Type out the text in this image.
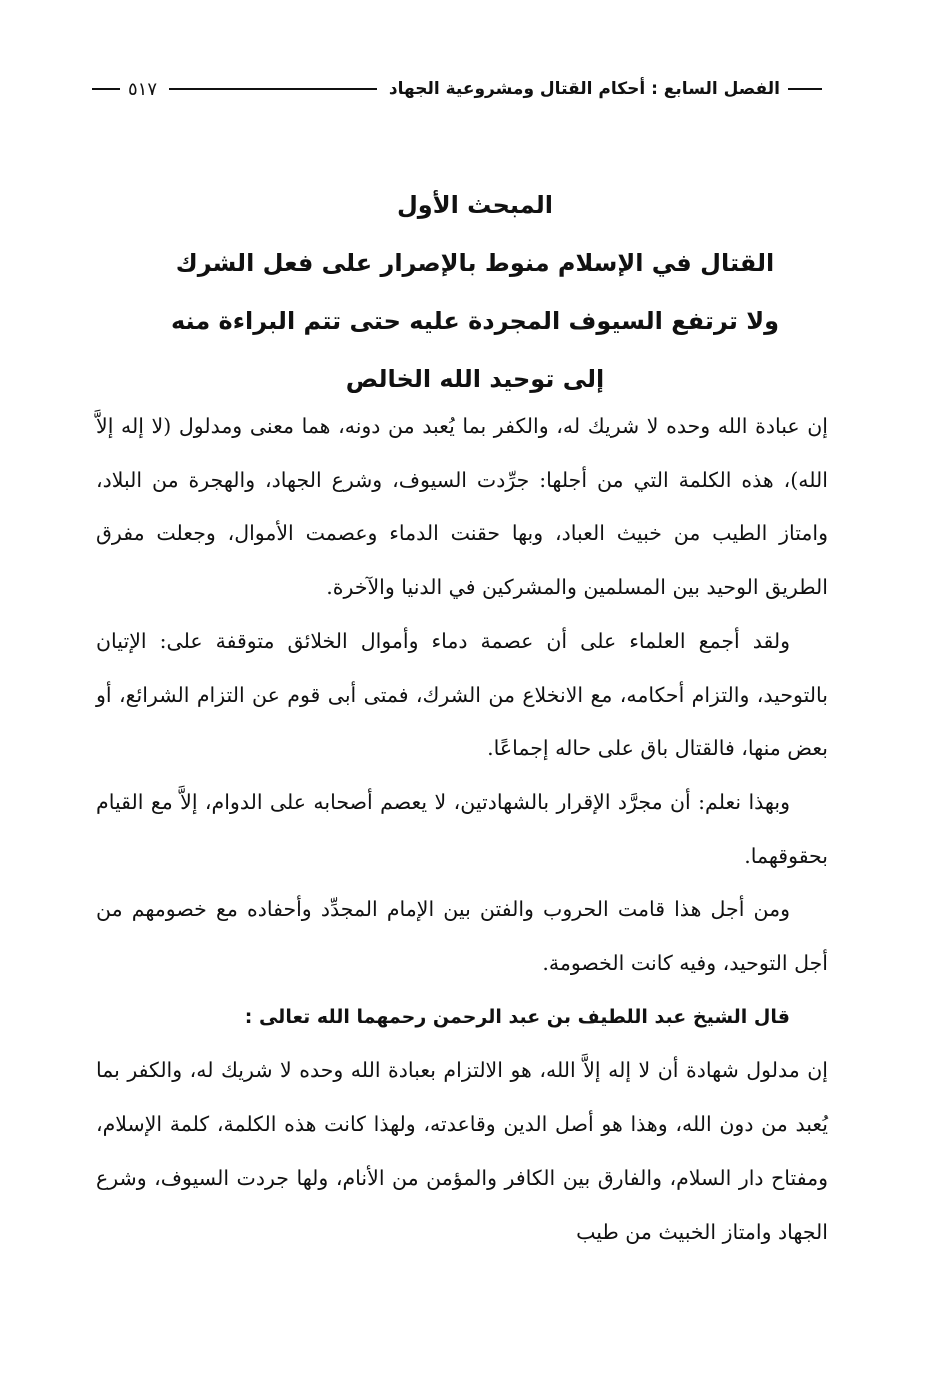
الفصل السابع : أحكام القتال ومشروعية الجهاد
٥١٧
المبحث الأول
القتال في الإسلام منوط بالإصرار على فعل الشرك
ولا ترتفع السيوف المجردة عليه حتى تتم البراءة منه
إلى توحيد الله الخالص

إن عبادة الله وحده لا شريك له، والكفر بما يُعبد من دونه، هما معنى ومدلول (لا إله إلاَّ الله)، هذه الكلمة التي من أجلها: جرِّدت السيوف، وشرع الجهاد، والهجرة من البلاد، وامتاز الطيب من خبيث العباد، وبها حقنت الدماء وعصمت الأموال، وجعلت مفرق الطريق الوحيد بين المسلمين والمشركين في الدنيا والآخرة.

ولقد أجمع العلماء على أن عصمة دماء وأموال الخلائق متوقفة على: الإتيان بالتوحيد، والتزام أحكامه، مع الانخلاع من الشرك، فمتى أبى قوم عن التزام الشرائع، أو بعض منها، فالقتال باق على حاله إجماعًا.

وبهذا نعلم: أن مجرَّد الإقرار بالشهادتين، لا يعصم أصحابه على الدوام، إلاَّ مع القيام بحقوقهما.

ومن أجل هذا قامت الحروب والفتن بين الإمام المجدِّد وأحفاده مع خصومهم من أجل التوحيد، وفيه كانت الخصومة.

قال الشيخ عبد اللطيف بن عبد الرحمن رحمهما الله تعالى :

إن مدلول شهادة أن لا إله إلاَّ الله، هو الالتزام بعبادة الله وحده لا شريك له، والكفر بما يُعبد من دون الله، وهذا هو أصل الدين وقاعدته، ولهذا كانت هذه الكلمة، كلمة الإسلام، ومفتاح دار السلام، والفارق بين الكافر والمؤمن من الأنام، ولها جردت السيوف، وشرع الجهاد وامتاز الخبيث من طيب
